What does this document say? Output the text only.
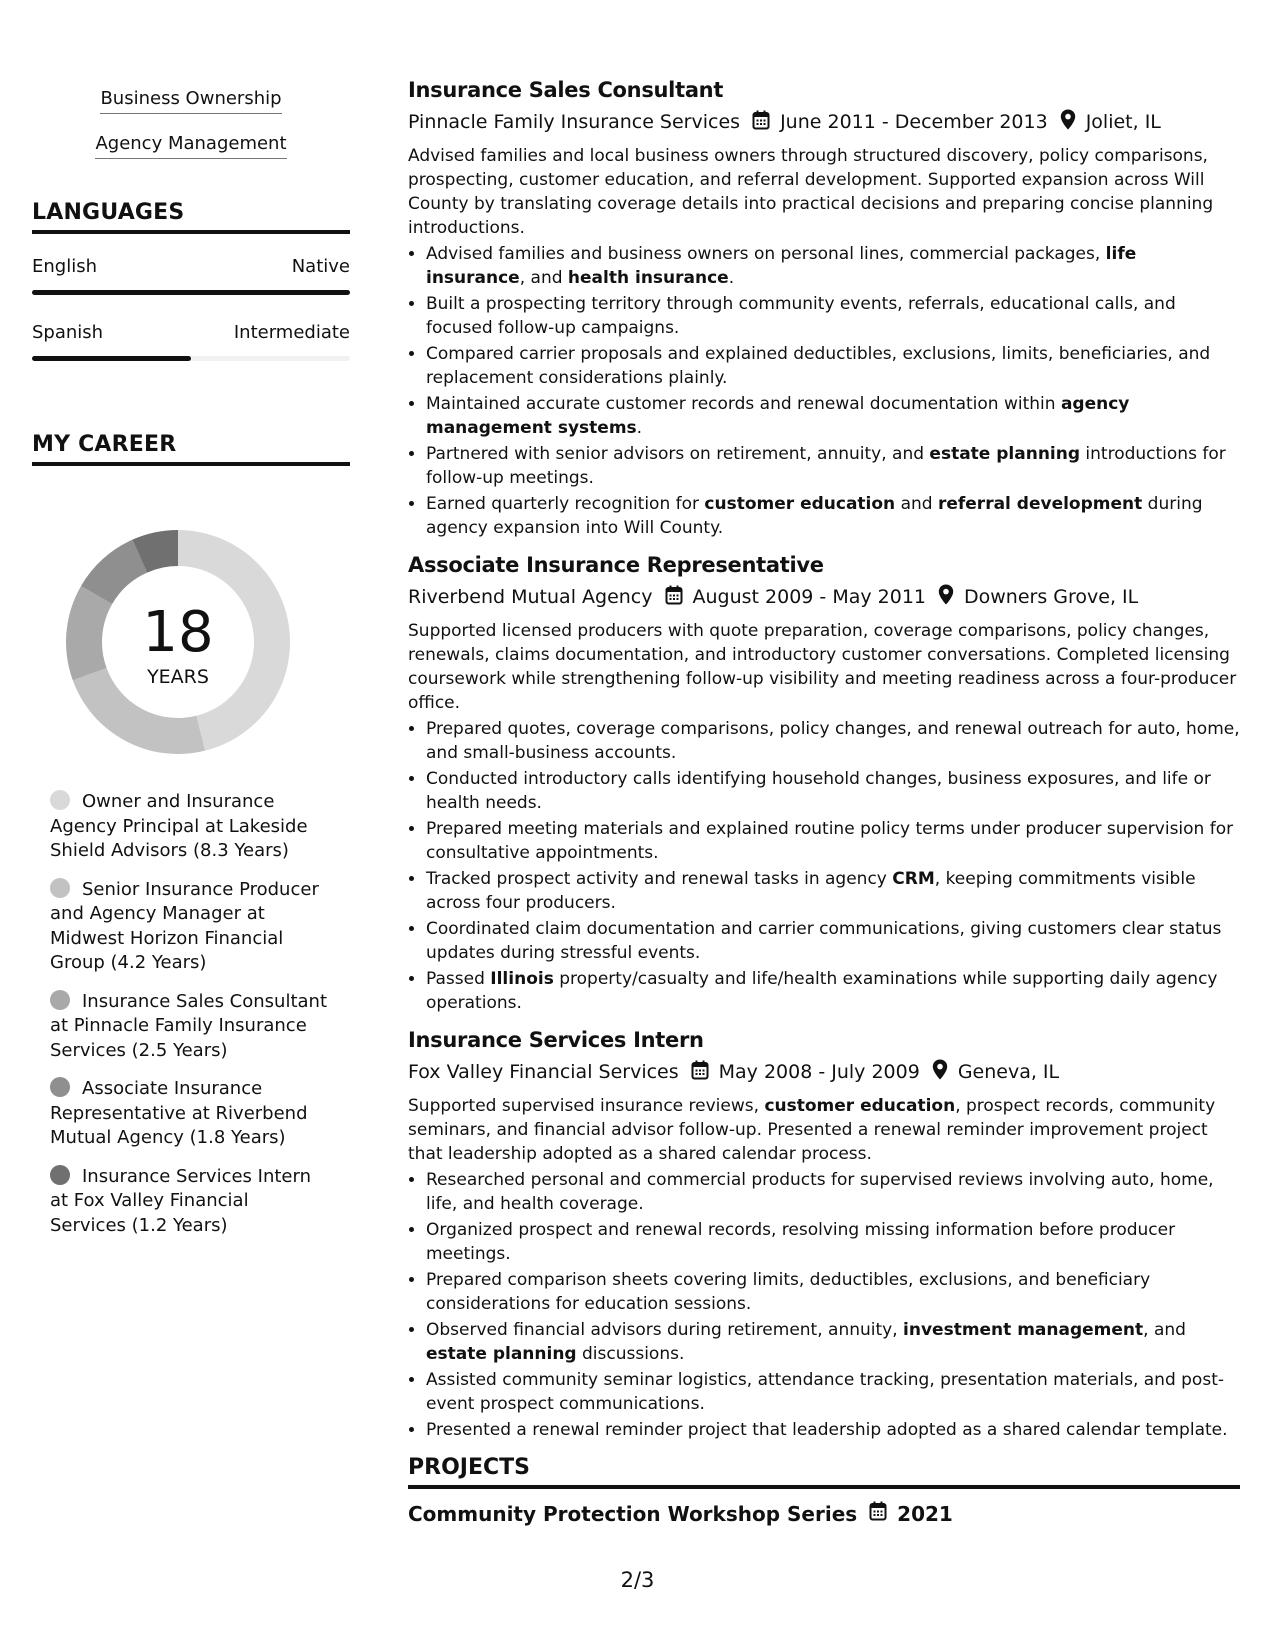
Business Ownership
Agency Management
LANGUAGES
English	Native
Spanish	Intermediate
MY CAREER
18
YEARS
Owner and Insurance Agency Principal at Lakeside Shield Advisors (8.3 Years)
Senior Insurance Producer and Agency Manager at Midwest Horizon Financial Group (4.2 Years)
Insurance Sales Consultant at Pinnacle Family Insurance Services (2.5 Years)
Associate Insurance Representative at Riverbend Mutual Agency (1.8 Years)
Insurance Services Intern at Fox Valley Financial Services (1.2 Years)
Insurance Sales Consultant
Pinnacle Family Insurance Services June 2011 - December 2013 Joliet, IL

Advised families and local business owners through structured discovery, policy comparisons, prospecting, customer education, and referral development. Supported expansion across Will County by translating coverage details into practical decisions and preparing concise planning introductions.

• Advised families and business owners on personal lines, commercial packages, life insurance, and health insurance.
• Built a prospecting territory through community events, referrals, educational calls, and focused follow-up campaigns.
• Compared carrier proposals and explained deductibles, exclusions, limits, beneficiaries, and replacement considerations plainly.
• Maintained accurate customer records and renewal documentation within agency management systems.
• Partnered with senior advisors on retirement, annuity, and estate planning introductions for follow-up meetings.
• Earned quarterly recognition for customer education and referral development during agency expansion into Will County.
Associate Insurance Representative
Riverbend Mutual Agency August 2009 - May 2011 Downers Grove, IL

Supported licensed producers with quote preparation, coverage comparisons, policy changes, renewals, claims documentation, and introductory customer conversations. Completed licensing coursework while strengthening follow-up visibility and meeting readiness across a four-producer office.

• Prepared quotes, coverage comparisons, policy changes, and renewal outreach for auto, home, and small-business accounts.
• Conducted introductory calls identifying household changes, business exposures, and life or health needs.
• Prepared meeting materials and explained routine policy terms under producer supervision for consultative appointments.
• Tracked prospect activity and renewal tasks in agency CRM, keeping commitments visible across four producers.
• Coordinated claim documentation and carrier communications, giving customers clear status updates during stressful events.
• Passed Illinois property/casualty and life/health examinations while supporting daily agency operations.
Insurance Services Intern
Fox Valley Financial Services May 2008 - July 2009 Geneva, IL

Supported supervised insurance reviews, customer education, prospect records, community seminars, and financial advisor follow-up. Presented a renewal reminder improvement project that leadership adopted as a shared calendar process.

• Researched personal and commercial products for supervised reviews involving auto, home, life, and health coverage.
• Organized prospect and renewal records, resolving missing information before producer meetings.
• Prepared comparison sheets covering limits, deductibles, exclusions, and beneficiary considerations for education sessions.
• Observed financial advisors during retirement, annuity, investment management, and estate planning discussions.
• Assisted community seminar logistics, attendance tracking, presentation materials, and post-event prospect communications.
• Presented a renewal reminder project that leadership adopted as a shared calendar template.
PROJECTS
Community Protection Workshop Series 2021
2/3
